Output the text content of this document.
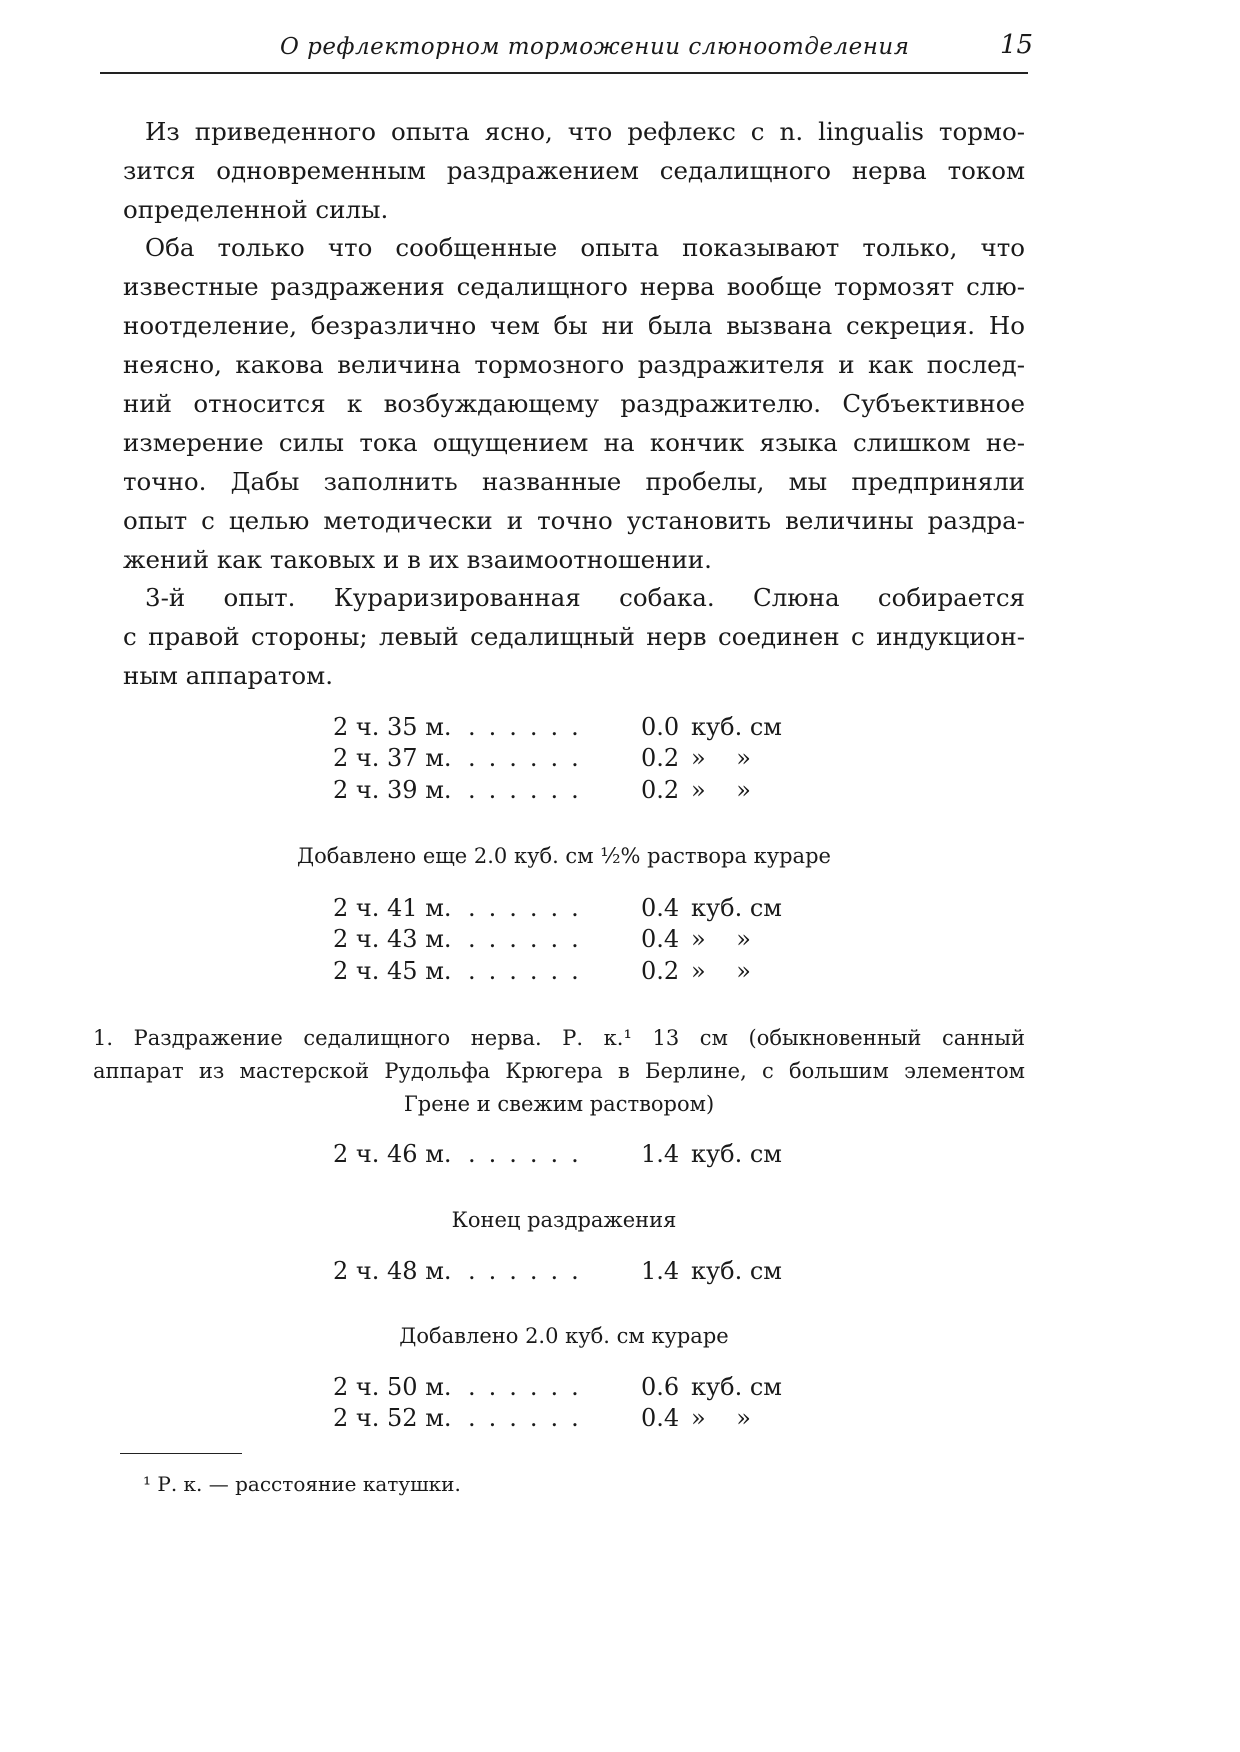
О рефлекторном торможении слюноотделения	15
Из приведенного опыта ясно, что рефлекс с n. lingualis тормо-
зится одновременным раздражением седалищного нерва током
определенной силы.
Оба только что сообщенные опыта показывают только, что
известные раздражения седалищного нерва вообще тормозят слю-
ноотделение, безразлично чем бы ни была вызвана секреция. Но
неясно, какова величина тормозного раздражителя и как послед-
ний относится к возбуждающему раздражителю. Субъективное
измерение силы тока ощущением на кончик языка слишком не-
точно. Дабы заполнить названные пробелы, мы предприняли
опыт с целью методически и точно установить величины раздра-
жений как таковых и в их взаимоотношении.
3-й опыт. Кураризированная собака. Слюна собирается
с правой стороны; левый седалищный нерв соединен с индукцион-
ным аппаратом.
2 ч. 35 м. ...... 0.0 куб. см
2 ч. 37 м. ...... 0.2 »    »
2 ч. 39 м. ...... 0.2 »    »
2 ч. 41 м. ...... 0.4 куб. см
2 ч. 43 м. ...... 0.4 »    »
2 ч. 45 м. ...... 0.2 »    »
2 ч. 46 м. ...... 1.4 куб. см
2 ч. 48 м. ...... 1.4 куб. см
2 ч. 50 м. ...... 0.6 куб. см
2 ч. 52 м. ...... 0.4 »    »
Добавлено еще 2.0 куб. см ½% раствора кураре
1. Раздражение седалищного нерва. Р. к.¹ 13 см (обыкновенный санный
аппарат из мастерской Рудольфа Крюгера в Берлине, с большим элементом
Грене и свежим раствором)
Конец раздражения
Добавлено 2.0 куб. см кураре
¹ Р. к. — расстояние катушки.
